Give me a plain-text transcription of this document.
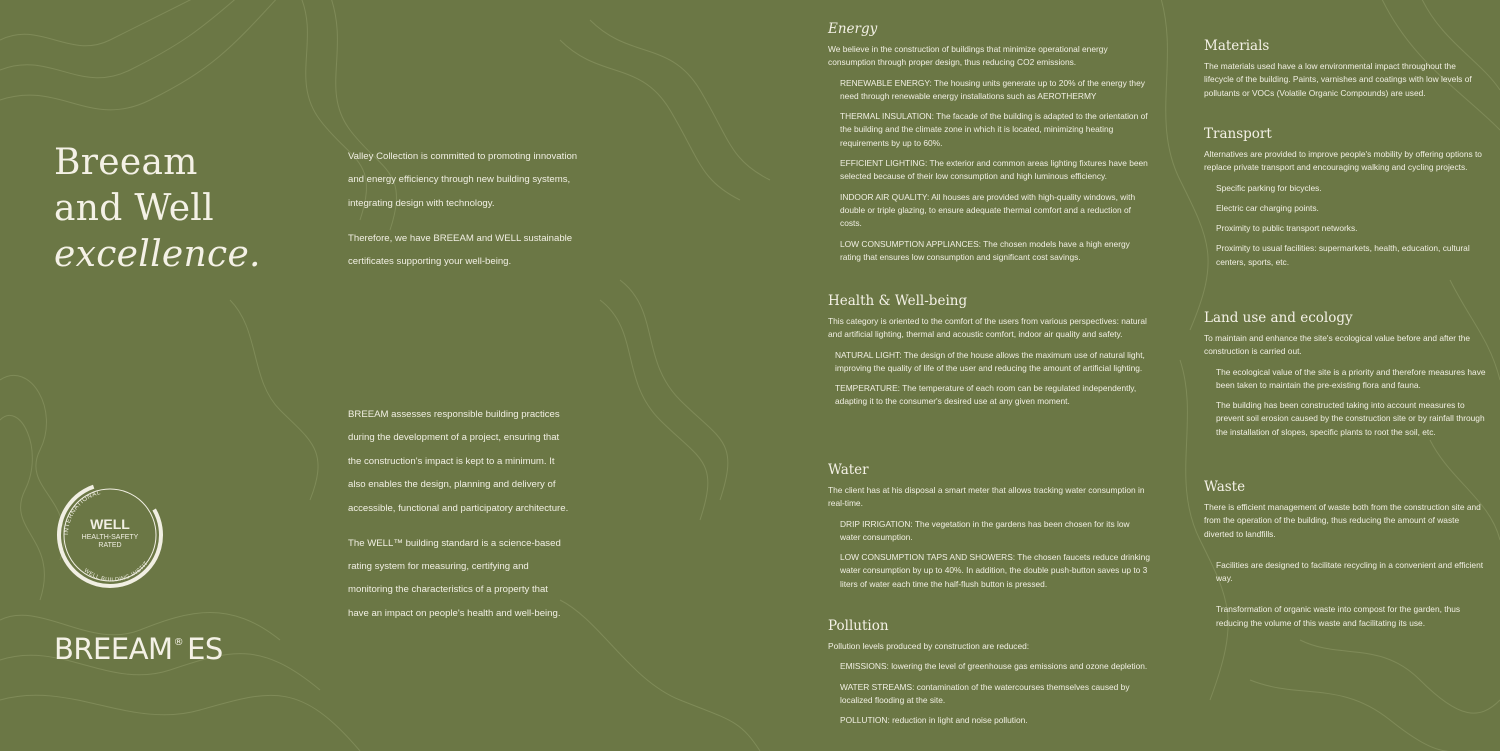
Breeam
and Well
excellence.
INTERNATIONAL
WELL BUILDING INSTIT
WELL
HEALTH-SAFETY
RATED
BREEAM® ES

Valley Collection is committed to promoting innovation and energy efficiency through new building systems, integrating design with technology.

Therefore, we have BREEAM and WELL sustainable certificates supporting your well-being.

BREEAM assesses responsible building practices during the development of a project, ensuring that the construction's impact is kept to a minimum. It also enables the design, planning and delivery of accessible, functional and participatory architecture.

The WELL™ building standard is a science-based rating system for measuring, certifying and monitoring the characteristics of a property that have an impact on people's health and well-being.

Energy

We believe in the construction of buildings that minimize operational energy consumption through proper design, thus reducing CO2 emissions.

RENEWABLE ENERGY: The housing units generate up to 20% of the energy they need through renewable energy installations such as AEROTHERMY

THERMAL INSULATION: The facade of the building is adapted to the orientation of the building and the climate zone in which it is located, minimizing heating requirements by up to 60%.

EFFICIENT LIGHTING: The exterior and common areas lighting fixtures have been selected because of their low consumption and high luminous efficiency.

INDOOR AIR QUALITY: All houses are provided with high-quality windows, with double or triple glazing, to ensure adequate thermal comfort and a reduction of costs.

LOW CONSUMPTION APPLIANCES: The chosen models have a high energy rating that ensures low consumption and significant cost savings.

Health & Well-being

This category is oriented to the comfort of the users from various perspectives: natural and artificial lighting, thermal and acoustic comfort, indoor air quality and safety.

NATURAL LIGHT: The design of the house allows the maximum use of natural light, improving the quality of life of the user and reducing the amount of artificial lighting.

TEMPERATURE: The temperature of each room can be regulated independently, adapting it to the consumer's desired use at any given moment.

Water

The client has at his disposal a smart meter that allows tracking water consumption in real-time.

DRIP IRRIGATION: The vegetation in the gardens has been chosen for its low water consumption.

LOW CONSUMPTION TAPS AND SHOWERS: The chosen faucets reduce drinking water consumption by up to 40%. In addition, the double push-button saves up to 3 liters of water each time the half-flush button is pressed.

Pollution

Pollution levels produced by construction are reduced:

EMISSIONS: lowering the level of greenhouse gas emissions and ozone depletion.

WATER STREAMS: contamination of the watercourses themselves caused by localized flooding at the site.

POLLUTION: reduction in light and noise pollution.

Materials

The materials used have a low environmental impact throughout the lifecycle of the building. Paints, varnishes and coatings with low levels of pollutants or VOCs (Volatile Organic Compounds) are used.

Transport

Alternatives are provided to improve people's mobility by offering options to replace private transport and encouraging walking and cycling projects.

Specific parking for bicycles.

Electric car charging points.

Proximity to public transport networks.

Proximity to usual facilities: supermarkets, health, education, cultural centers, sports, etc.

Land use and ecology

To maintain and enhance the site's ecological value before and after the construction is carried out.

The ecological value of the site is a priority and therefore measures have been taken to maintain the pre-existing flora and fauna.

The building has been constructed taking into account measures to prevent soil erosion caused by the construction site or by rainfall through the installation of slopes, specific plants to root the soil, etc.

Waste

There is efficient management of waste both from the construction site and from the operation of the building, thus reducing the amount of waste diverted to landfills.

Facilities are designed to facilitate recycling in a convenient and efficient way.

Transformation of organic waste into compost for the garden, thus reducing the volume of this waste and facilitating its use.
